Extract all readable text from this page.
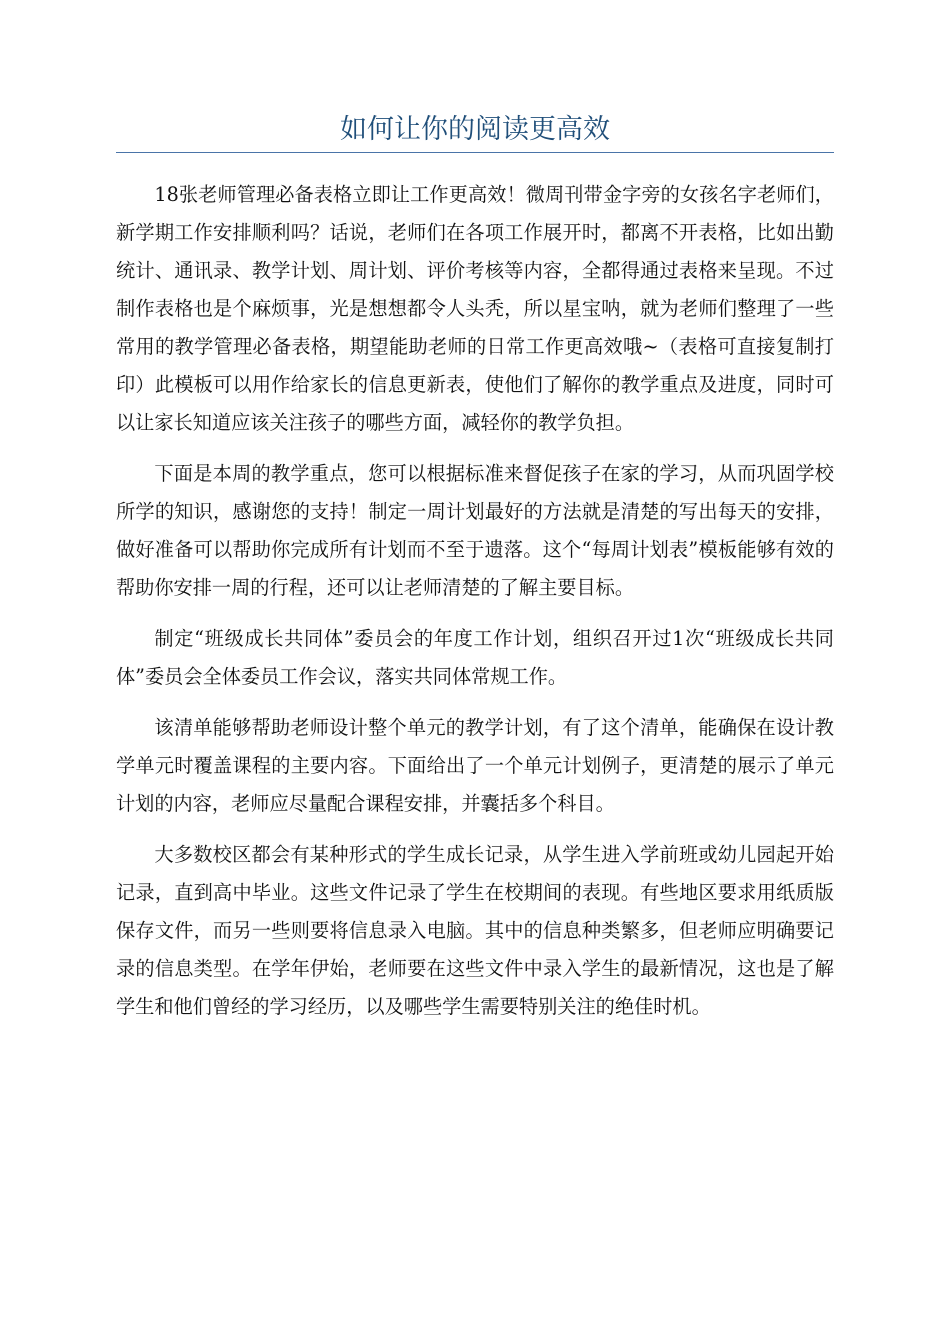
如何让你的阅读更高效

18张老师管理必备表格立即让工作更高效！微周刊带金字旁的女孩名字老师们，新学期工作安排顺利吗？话说，老师们在各项工作展开时，都离不开表格，比如出勤统计、通讯录、教学计划、周计划、评价考核等内容，全都得通过表格来呈现。不过制作表格也是个麻烦事，光是想想都令人头秃，所以星宝呐，就为老师们整理了一些常用的教学管理必备表格，期望能助老师的日常工作更高效哦~（表格可直接复制打印）此模板可以用作给家长的信息更新表，使他们了解你的教学重点及进度，同时可以让家长知道应该关注孩子的哪些方面，减轻你的教学负担。

下面是本周的教学重点，您可以根据标准来督促孩子在家的学习，从而巩固学校所学的知识，感谢您的支持！制定一周计划最好的方法就是清楚的写出每天的安排，做好准备可以帮助你完成所有计划而不至于遗落。这个“每周计划表”模板能够有效的帮助你安排一周的行程，还可以让老师清楚的了解主要目标。

制定“班级成长共同体”委员会的年度工作计划，组织召开过1次“班级成长共同体”委员会全体委员工作会议，落实共同体常规工作。

该清单能够帮助老师设计整个单元的教学计划，有了这个清单，能确保在设计教学单元时覆盖课程的主要内容。下面给出了一个单元计划例子，更清楚的展示了单元计划的内容，老师应尽量配合课程安排，并囊括多个科目。

大多数校区都会有某种形式的学生成长记录，从学生进入学前班或幼儿园起开始记录，直到高中毕业。这些文件记录了学生在校期间的表现。有些地区要求用纸质版保存文件，而另一些则要将信息录入电脑。其中的信息种类繁多，但老师应明确要记录的信息类型。在学年伊始，老师要在这些文件中录入学生的最新情况，这也是了解学生和他们曾经的学习经历，以及哪些学生需要特别关注的绝佳时机。
